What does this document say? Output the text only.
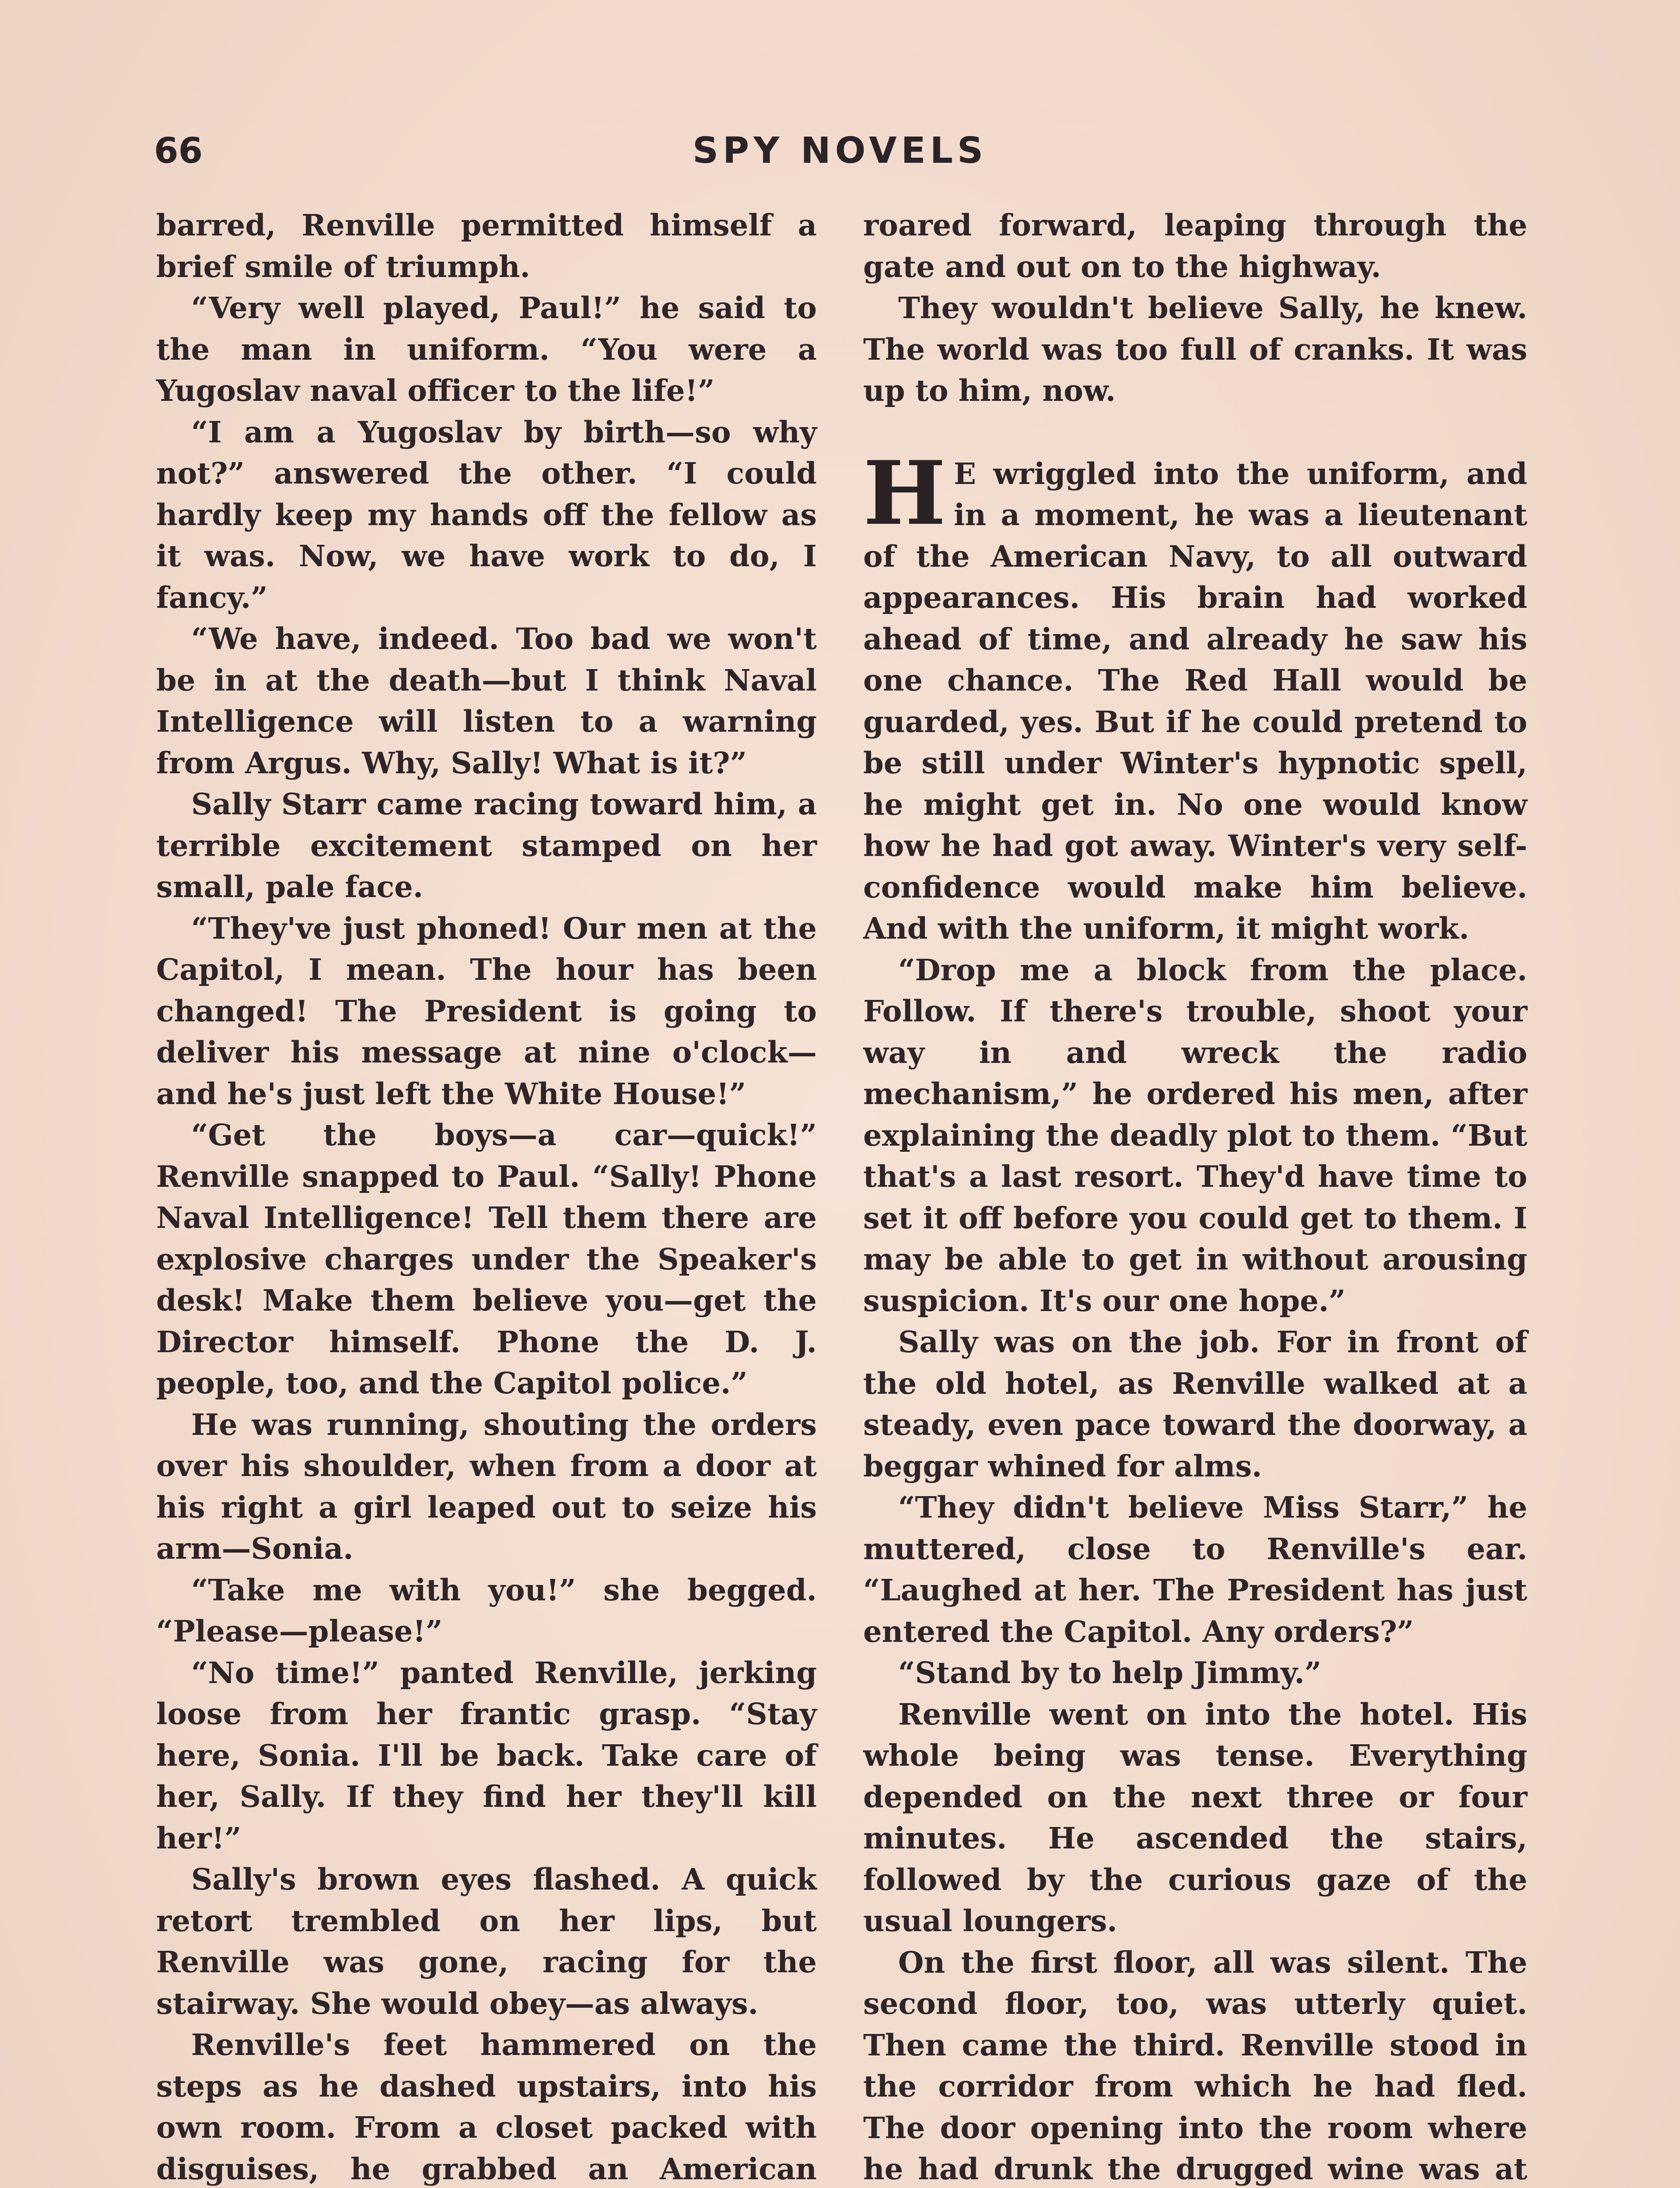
66	SPY NOVELS

barred, Renville permitted himself a brief smile of triumph.

“Very well played, Paul!” he said to the man in uniform. “You were a Yugoslav naval officer to the life!”

“I am a Yugoslav by birth—so why not?” answered the other. “I could hardly keep my hands off the fellow as it was. Now, we have work to do, I fancy.”

“We have, indeed. Too bad we won't be in at the death—but I think Naval Intelligence will listen to a warning from Argus. Why, Sally! What is it?”

Sally Starr came racing toward him, a terrible excitement stamped on her small, pale face.

“They've just phoned! Our men at the Capitol, I mean. The hour has been changed! The President is going to deliver his message at nine o'clock—and he's just left the White House!”

“Get the boys—a car—quick!” Renville snapped to Paul. “Sally! Phone Naval Intelligence! Tell them there are explosive charges under the Speaker's desk! Make them believe you—get the Director himself. Phone the D. J. people, too, and the Capitol police.”

He was running, shouting the orders over his shoulder, when from a door at his right a girl leaped out to seize his arm—Sonia.

“Take me with you!” she begged. “Please—please!”

“No time!” panted Renville, jerking loose from her frantic grasp. “Stay here, Sonia. I'll be back. Take care of her, Sally. If they find her they'll kill her!”

Sally's brown eyes flashed. A quick retort trembled on her lips, but Renville was gone, racing for the stairway. She would obey—as always.

Renville's feet hammered on the steps as he dashed upstairs, into his own room. From a closet packed with disguises, he grabbed an American

roared forward, leaping through the gate and out on to the highway.

They wouldn't believe Sally, he knew. The world was too full of cranks. It was up to him, now.

H E wriggled into the uniform, and in a moment, he was a lieutenant of the American Navy, to all outward appearances. His brain had worked ahead of time, and already he saw his one chance. The Red Hall would be guarded, yes. But if he could pretend to be still under Winter's hypnotic spell, he might get in. No one would know how he had got away. Winter's very self-confidence would make him believe. And with the uniform, it might work.

“Drop me a block from the place. Follow. If there's trouble, shoot your way in and wreck the radio mechanism,” he ordered his men, after explaining the deadly plot to them. “But that's a last resort. They'd have time to set it off before you could get to them. I may be able to get in without arousing suspicion. It's our one hope.”

Sally was on the job. For in front of the old hotel, as Renville walked at a steady, even pace toward the doorway, a beggar whined for alms.

“They didn't believe Miss Starr,” he muttered, close to Renville's ear. “Laughed at her. The President has just entered the Capitol. Any orders?”

“Stand by to help Jimmy.”

Renville went on into the hotel. His whole being was tense. Everything depended on the next three or four minutes. He ascended the stairs, followed by the curious gaze of the usual loungers.

On the first floor, all was silent. The second floor, too, was utterly quiet. Then came the third. Renville stood in the corridor from which he had fled. The door opening into the room where he had drunk the drugged wine was at
